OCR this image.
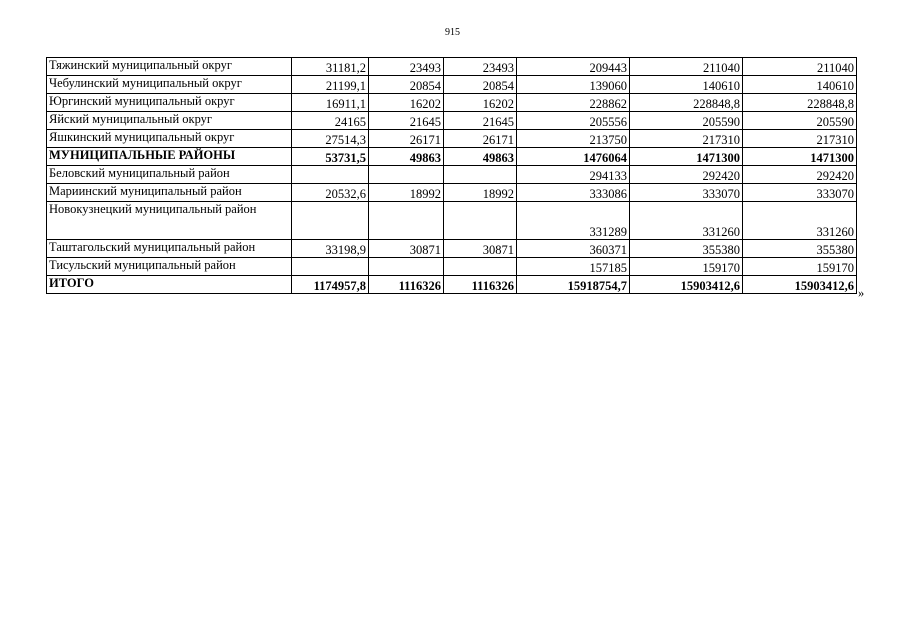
915
Тяжинский муниципальный округ	31181,2	23493	23493	209443	211040	211040
Чебулинский муниципальный округ	21199,1	20854	20854	139060	140610	140610
Юргинский муниципальный округ	16911,1	16202	16202	228862	228848,8	228848,8
Яйский муниципальный округ	24165	21645	21645	205556	205590	205590
Яшкинский муниципальный округ	27514,3	26171	26171	213750	217310	217310
МУНИЦИПАЛЬНЫЕ РАЙОНЫ	53731,5	49863	49863	1476064	1471300	1471300
Беловский муниципальный район				294133	292420	292420
Мариинский муниципальный район	20532,6	18992	18992	333086	333070	333070
Новокузнецкий муниципальный район				331289	331260	331260
Таштагольский муниципальный район	33198,9	30871	30871	360371	355380	355380
Тисульский муниципальный район				157185	159170	159170
ИТОГО	1174957,8	1116326	1116326	15918754,7	15903412,6	15903412,6 »
